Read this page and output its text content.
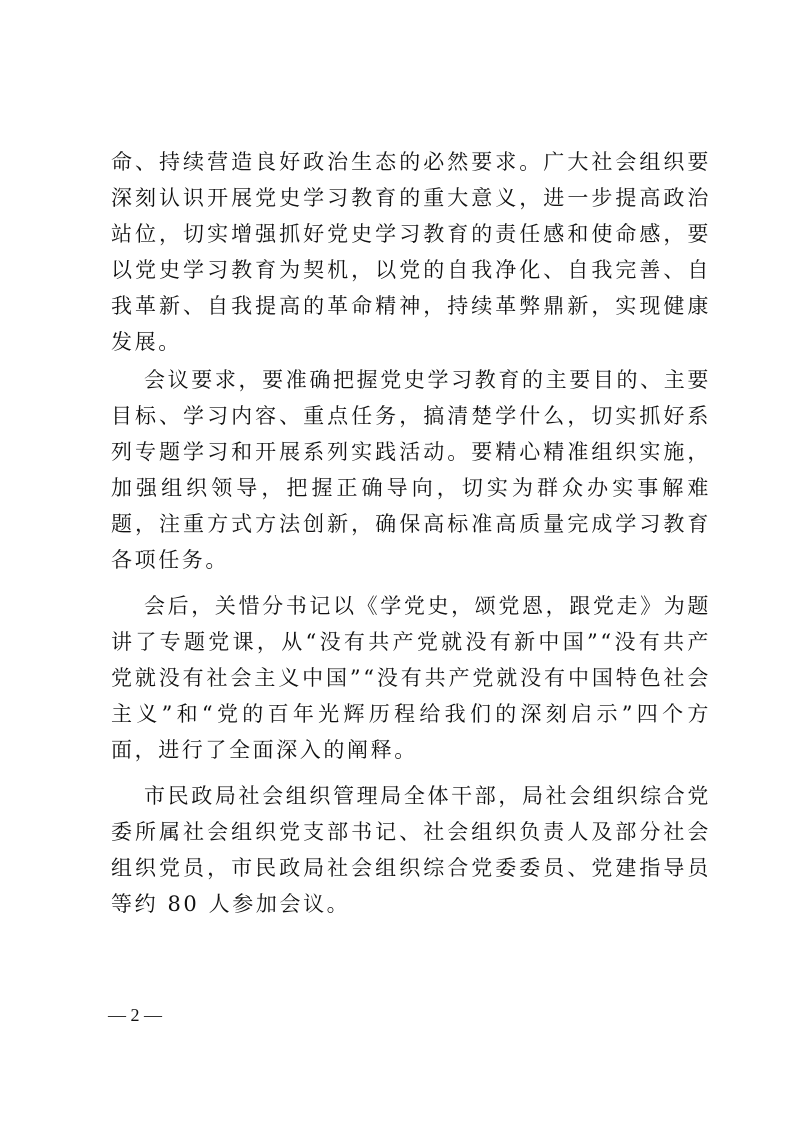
命、持续营造良好政治生态的必然要求。广大社会组织要深刻认识开展党史学习教育的重大意义，进一步提高政治站位，切实增强抓好党史学习教育的责任感和使命感，要以党史学习教育为契机，以党的自我净化、自我完善、自我革新、自我提高的革命精神，持续革弊鼎新，实现健康发展。

会议要求，要准确把握党史学习教育的主要目的、主要目标、学习内容、重点任务，搞清楚学什么，切实抓好系列专题学习和开展系列实践活动。要精心精准组织实施，加强组织领导，把握正确导向，切实为群众办实事解难题，注重方式方法创新，确保高标准高质量完成学习教育各项任务。

会后，关惜分书记以《学党史，颂党恩，跟党走》为题讲了专题党课，从“没有共产党就没有新中国”“没有共产党就没有社会主义中国”“没有共产党就没有中国特色社会主义”和“党的百年光辉历程给我们的深刻启示”四个方面，进行了全面深入的阐释。

市民政局社会组织管理局全体干部，局社会组织综合党委所属社会组织党支部书记、社会组织负责人及部分社会组织党员，市民政局社会组织综合党委委员、党建指导员等约 80 人参加会议。

— 2 —
